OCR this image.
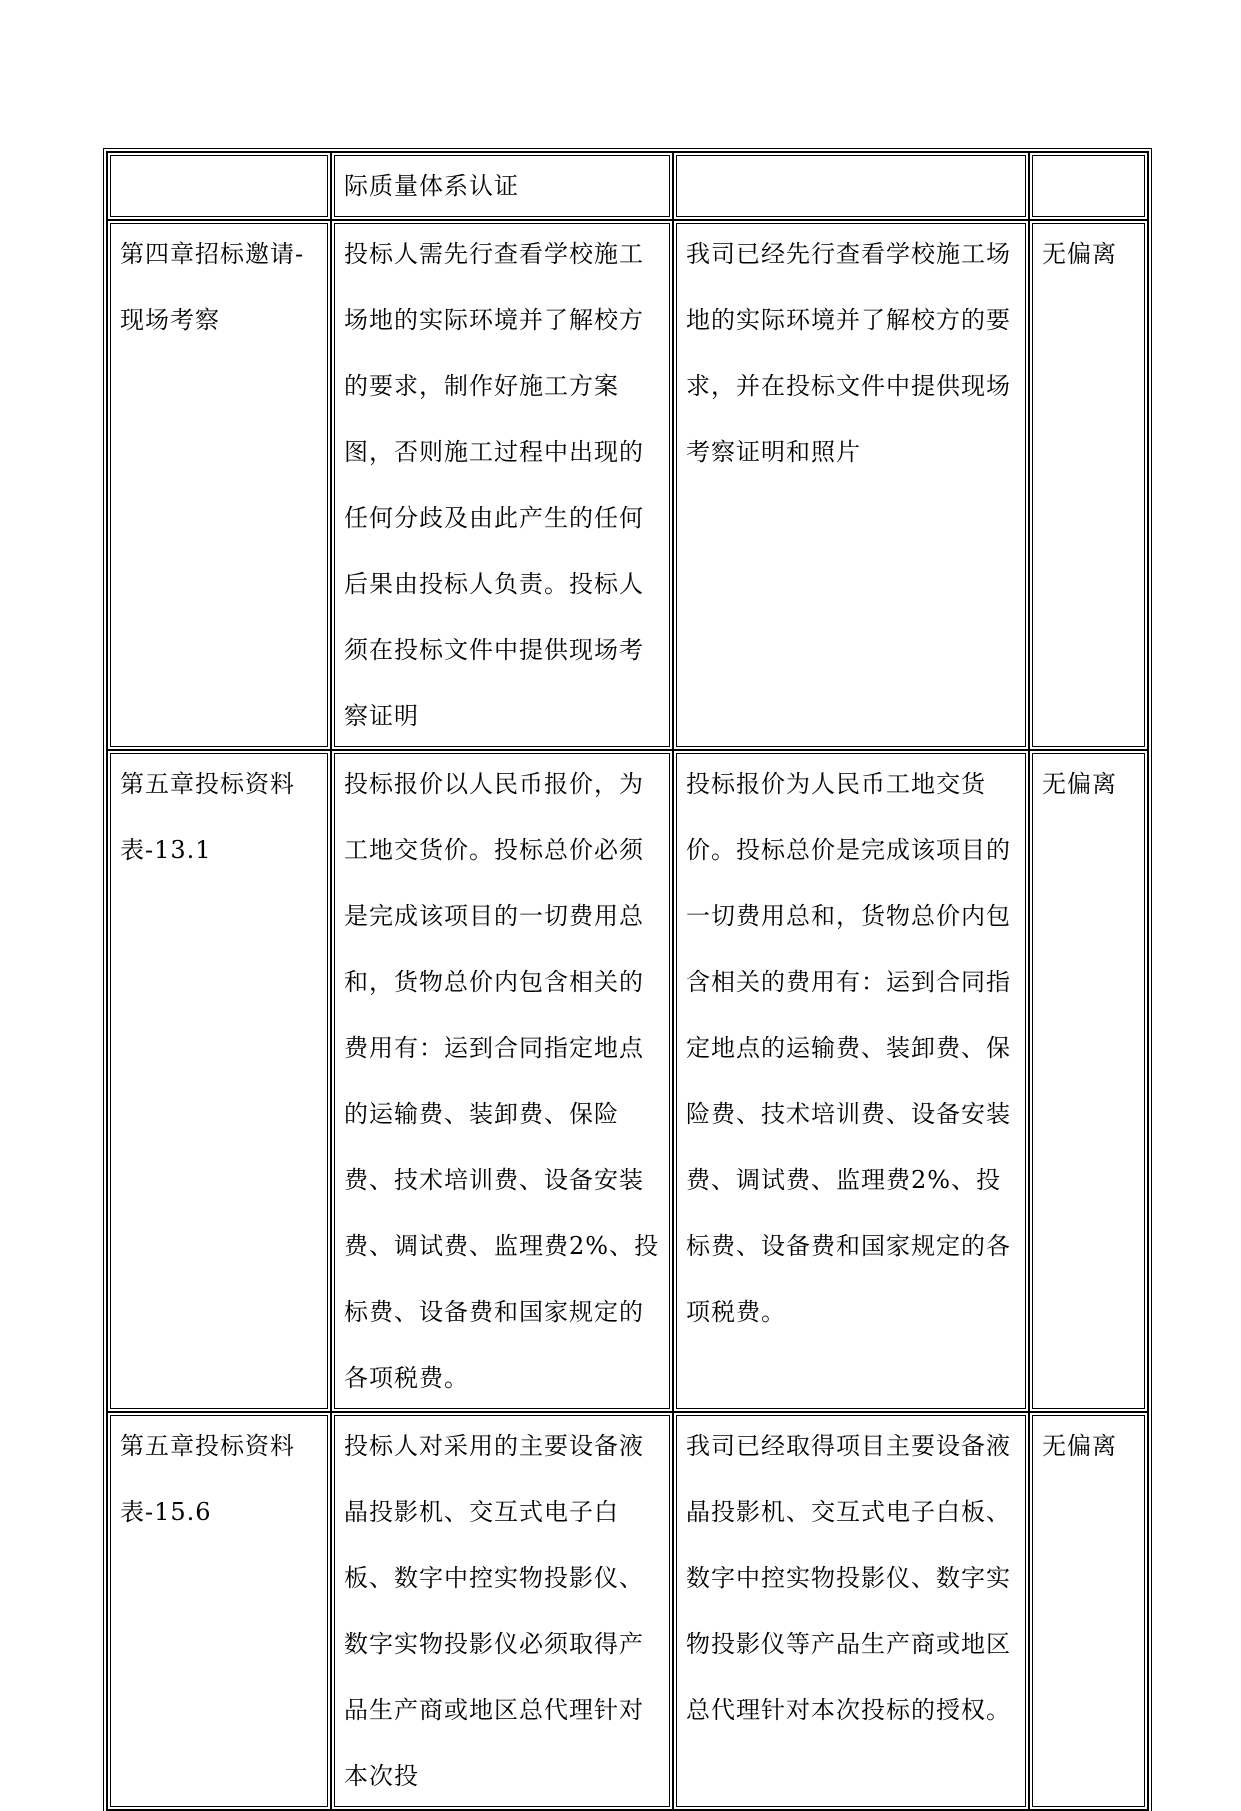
	际质量体系认证		

第四章招标邀请-现场考察	投标人需先行查看学校施工场地的实际环境并了解校方的要求，制作好施工方案图，否则施工过程中出现的任何分歧及由此产生的任何后果由投标人负责。投标人须在投标文件中提供现场考察证明	我司已经先行查看学校施工场地的实际环境并了解校方的要求，并在投标文件中提供现场考察证明和照片	无偏离

第五章投标资料表-13.1	投标报价以人民币报价，为工地交货价。投标总价必须是完成该项目的一切费用总和，货物总价内包含相关的费用有：运到合同指定地点的运输费、装卸费、保险费、技术培训费、设备安装费、调试费、监理费2%、投标费、设备费和国家规定的各项税费。	投标报价为人民币工地交货价。投标总价是完成该项目的一切费用总和，货物总价内包含相关的费用有：运到合同指定地点的运输费、装卸费、保险费、技术培训费、设备安装费、调试费、监理费2%、投标费、设备费和国家规定的各项税费。	无偏离

第五章投标资料表-15.6	投标人对采用的主要设备液晶投影机、交互式电子白板、数字中控实物投影仪、数字实物投影仪必须取得产品生产商或地区总代理针对本次投	我司已经取得项目主要设备液晶投影机、交互式电子白板、数字中控实物投影仪、数字实物投影仪等产品生产商或地区总代理针对本次投标的授权。	无偏离
